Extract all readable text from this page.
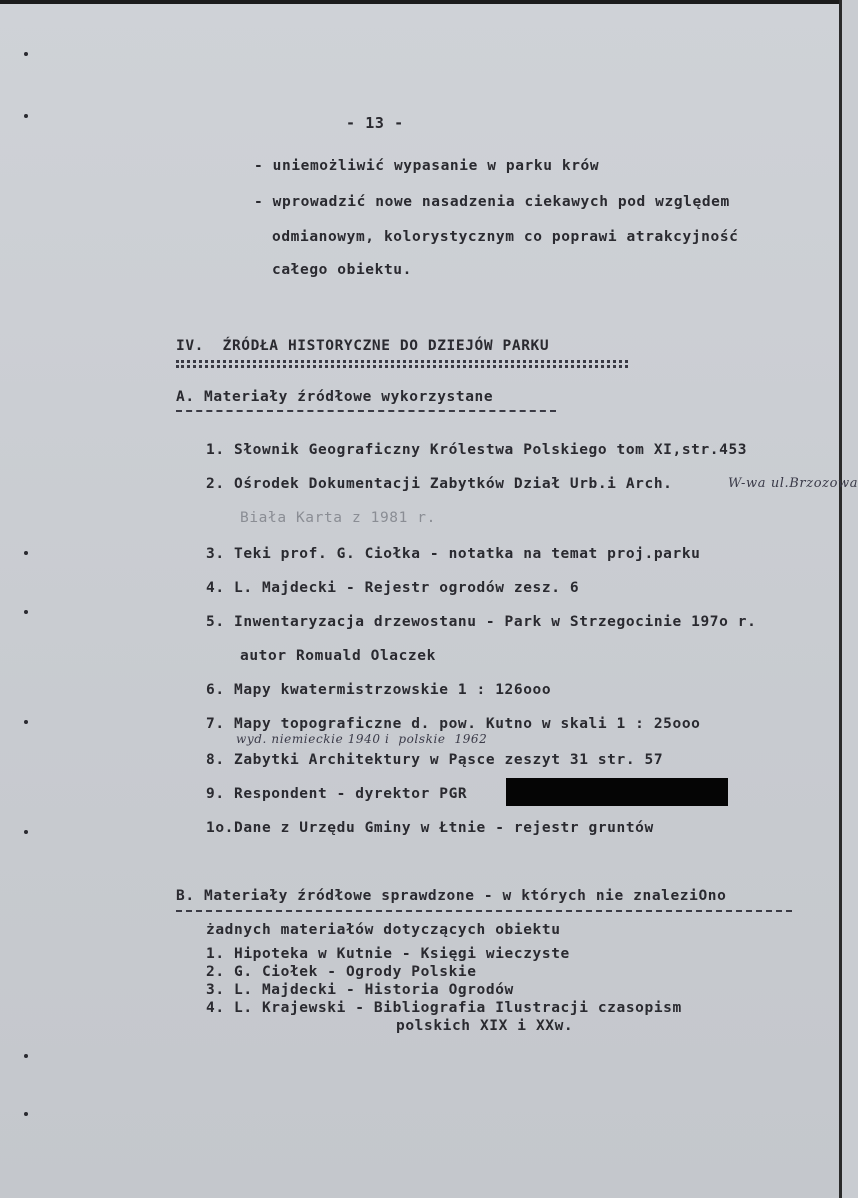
- 13 -
- uniemożliwić wypasanie w parku krów
- wprowadzić nowe nasadzenia ciekawych pod względem
odmianowym, kolorystycznym co poprawi atrakcyjność
całego obiektu.
IV.  ŹRÓDŁA HISTORYCZNE DO DZIEJÓW PARKU
A. Materiały źródłowe wykorzystane
1. Słownik Geograficzny Królestwa Polskiego tom XI,str.453
2. Ośrodek Dokumentacji Zabytków Dział Urb.i Arch.	W-wa ul.Brzozowa
Biała Karta z 1981 r.
3. Teki prof. G. Ciołka - notatka na temat proj.parku
4. L. Majdecki - Rejestr ogrodów zesz. 6
5. Inwentaryzacja drzewostanu - Park w Strzegocinie 197o r.
autor Romuald Olaczek
6. Mapy kwatermistrzowskie 1 : 126ooo
7. Mapy topograficzne d. pow. Kutno w skali 1 : 25ooo
wyd. niemieckie 1940 i  polskie  1962
8. Zabytki Architektury w Pąsce zeszyt 31 str. 57
9. Respondent - dyrektor PGR
1o.Dane z Urzędu Gminy w Łtnie - rejestr gruntów
B. Materiały źródłowe sprawdzone - w których nie znaleziOno
żadnych materiałów dotyczących obiektu
1. Hipoteka w Kutnie - Księgi wieczyste
2. G. Ciołek - Ogrody Polskie
3. L. Majdecki - Historia Ogrodów
4. L. Krajewski - Bibliografia Ilustracji czasopism
polskich XIX i XXw.
